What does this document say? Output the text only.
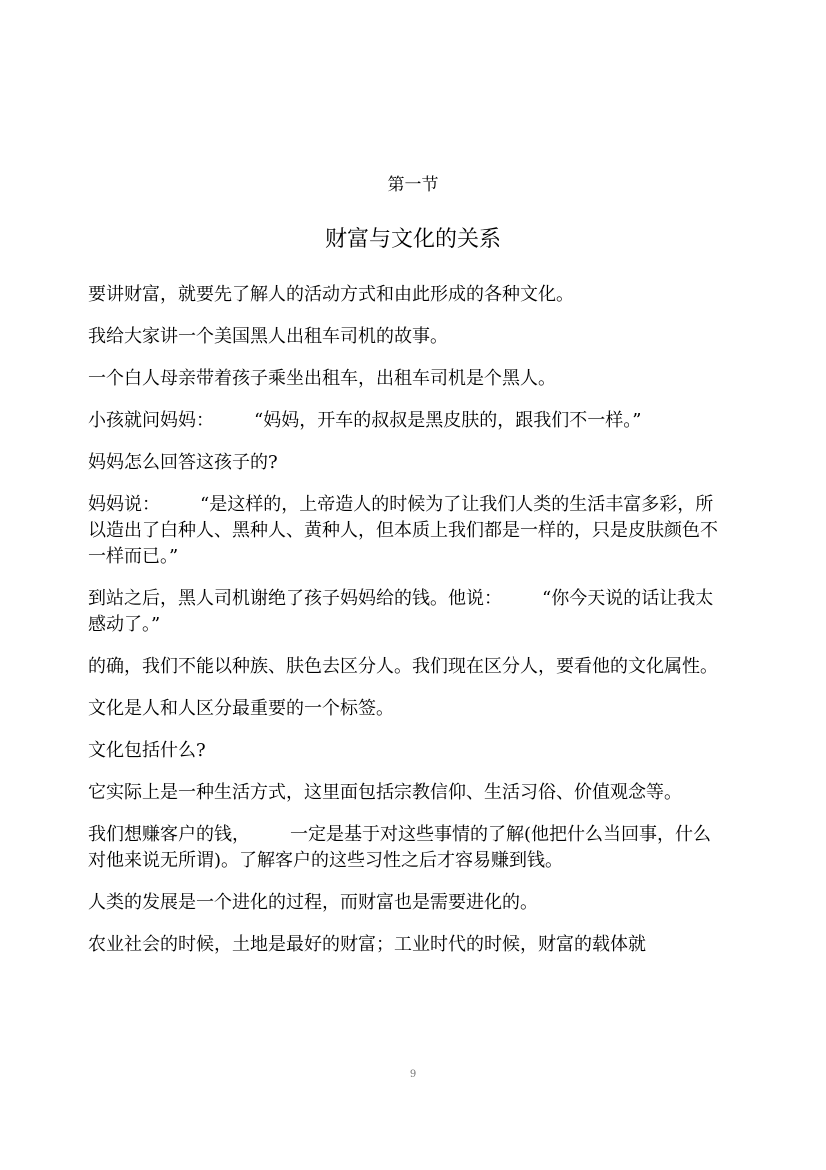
第一节
财富与文化的关系

要讲财富，就要先了解人的活动方式和由此形成的各种文化。

我给大家讲一个美国黑人出租车司机的故事。

一个白人母亲带着孩子乘坐出租车，出租车司机是个黑人。

小孩就问妈妈： “妈妈，开车的叔叔是黑皮肤的，跟我们不一样。”

妈妈怎么回答这孩子的?

妈妈说： “是这样的，上帝造人的时候为了让我们人类的生活丰富多彩，所以造出了白种人、黑种人、黄种人，但本质上我们都是一样的，只是皮肤颜色不一样而已。”

到站之后，黑人司机谢绝了孩子妈妈给的钱。他说： “你今天说的话让我太感动了。”

的确，我们不能以种族、肤色去区分人。我们现在区分人，要看他的文化属性。

文化是人和人区分最重要的一个标签。

文化包括什么?

它实际上是一种生活方式，这里面包括宗教信仰、生活习俗、价值观念等。

我们想赚客户的钱， 一定是基于对这些事情的了解(他把什么当回事，什么对他来说无所谓)。了解客户的这些习性之后才容易赚到钱。

人类的发展是一个进化的过程，而财富也是需要进化的。

农业社会的时候，土地是最好的财富；工业时代的时候，财富的载体就

9
